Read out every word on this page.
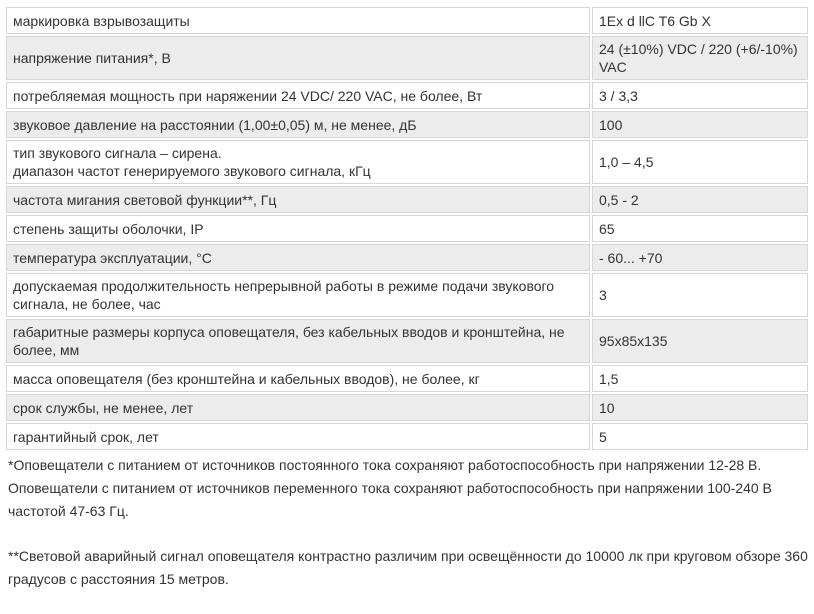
маркировка взрывозащиты	1Ex d llC T6 Gb X
напряжение питания*, В	24 (±10%) VDC / 220 (+6/-10%) VAC
потребляемая мощность при наряжении 24 VDC/ 220 VAC, не более, Вт	3 / 3,3
звуковое давление на расстоянии (1,00±0,05) м, не менее, дБ	100
тип звукового сигнала – сирена.
диапазон частот генерируемого звукового сигнала, кГц	1,0 – 4,5
частота мигания световой функции**, Гц	0,5 - 2
степень защиты оболочки, IP	65
температура эксплуатации, °С	- 60... +70
допускаемая продолжительность непрерывной работы в режиме подачи звукового сигнала, не более, час	3
габаритные размеры корпуса оповещателя, без кабельных вводов и кронштейна, не более, мм	95х85х135
масса оповещателя (без кронштейна и кабельных вводов), не более, кг	1,5
срок службы, не менее, лет	10
гарантийный срок, лет	5

*Оповещатели с питанием от источников постоянного тока сохраняют работоспособность при напряжении 12-28 В. Оповещатели с питанием от источников переменного тока сохраняют работоспособность при напряжении 100-240 В частотой 47-63 Гц.

**Световой аварийный сигнал оповещателя контрастно различим при освещённости до 10000 лк при круговом обзоре 360 градусов с расстояния 15 метров.
